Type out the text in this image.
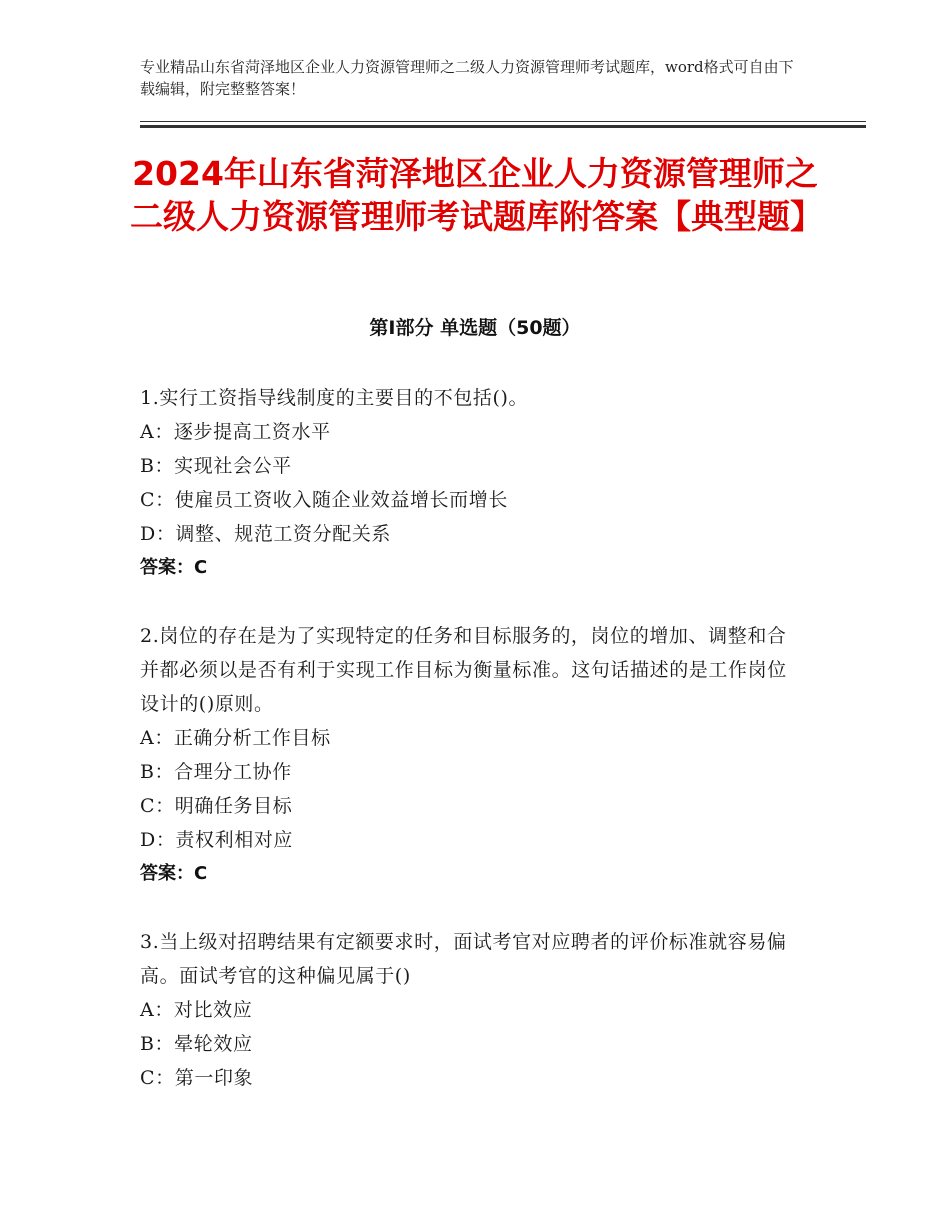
专业精品山东省菏泽地区企业人力资源管理师之二级人力资源管理师考试题库，word格式可自由下载编辑，附完整整答案！
2024年山东省菏泽地区企业人力资源管理师之二级人力资源管理师考试题库附答案【典型题】
第Ⅰ部分 单选题（50题）
1.实行工资指导线制度的主要目的不包括()。
A：逐步提高工资水平
B：实现社会公平
C：使雇员工资收入随企业效益增长而增长
D：调整、规范工资分配关系
答案：C
2.岗位的存在是为了实现特定的任务和目标服务的，岗位的增加、调整和合并都必须以是否有利于实现工作目标为衡量标准。这句话描述的是工作岗位设计的()原则。
A：正确分析工作目标
B：合理分工协作
C：明确任务目标
D：责权利相对应
答案：C
3.当上级对招聘结果有定额要求时，面试考官对应聘者的评价标准就容易偏高。面试考官的这种偏见属于()
A：对比效应
B：晕轮效应
C：第一印象
